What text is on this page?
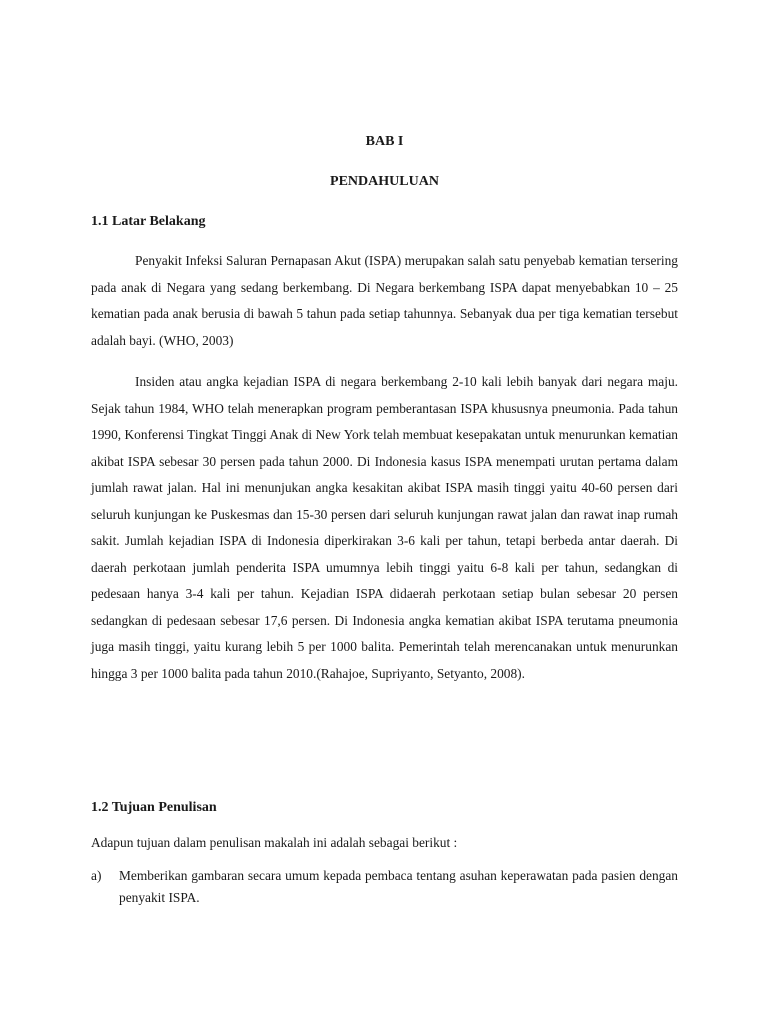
BAB I
PENDAHULUAN
1.1 Latar Belakang

Penyakit Infeksi Saluran Pernapasan Akut (ISPA) merupakan salah satu penyebab kematian tersering pada anak di Negara yang sedang berkembang. Di Negara berkembang ISPA dapat menyebabkan 10 – 25 kematian pada anak berusia di bawah 5 tahun pada setiap tahunnya. Sebanyak dua per tiga kematian tersebut adalah bayi. (WHO, 2003)

Insiden atau angka kejadian ISPA di negara berkembang 2-10 kali lebih banyak dari negara maju. Sejak tahun 1984, WHO telah menerapkan program pemberantasan ISPA khususnya pneumonia. Pada tahun 1990, Konferensi Tingkat Tinggi Anak di New York telah membuat kesepakatan untuk menurunkan kematian akibat ISPA sebesar 30 persen pada tahun 2000. Di Indonesia kasus ISPA menempati urutan pertama dalam jumlah rawat jalan. Hal ini menunjukan angka kesakitan akibat ISPA masih tinggi yaitu 40-60 persen dari seluruh kunjungan ke Puskesmas dan 15-30 persen dari seluruh kunjungan rawat jalan dan rawat inap rumah sakit. Jumlah kejadian ISPA di Indonesia diperkirakan 3-6 kali per tahun, tetapi berbeda antar daerah. Di daerah perkotaan jumlah penderita ISPA umumnya lebih tinggi yaitu 6-8 kali per tahun, sedangkan di pedesaan hanya 3-4 kali per tahun. Kejadian ISPA didaerah perkotaan setiap bulan sebesar 20 persen sedangkan di pedesaan sebesar 17,6 persen. Di Indonesia angka kematian akibat ISPA terutama pneumonia juga masih tinggi, yaitu kurang lebih 5 per 1000 balita. Pemerintah telah merencanakan untuk menurunkan hingga 3 per 1000 balita pada tahun 2010.(Rahajoe, Supriyanto, Setyanto, 2008).

1.2 Tujuan Penulisan

Adapun tujuan dalam penulisan makalah ini adalah sebagai berikut :

a) Memberikan gambaran secara umum kepada pembaca tentang asuhan keperawatan pada pasien dengan penyakit ISPA.
